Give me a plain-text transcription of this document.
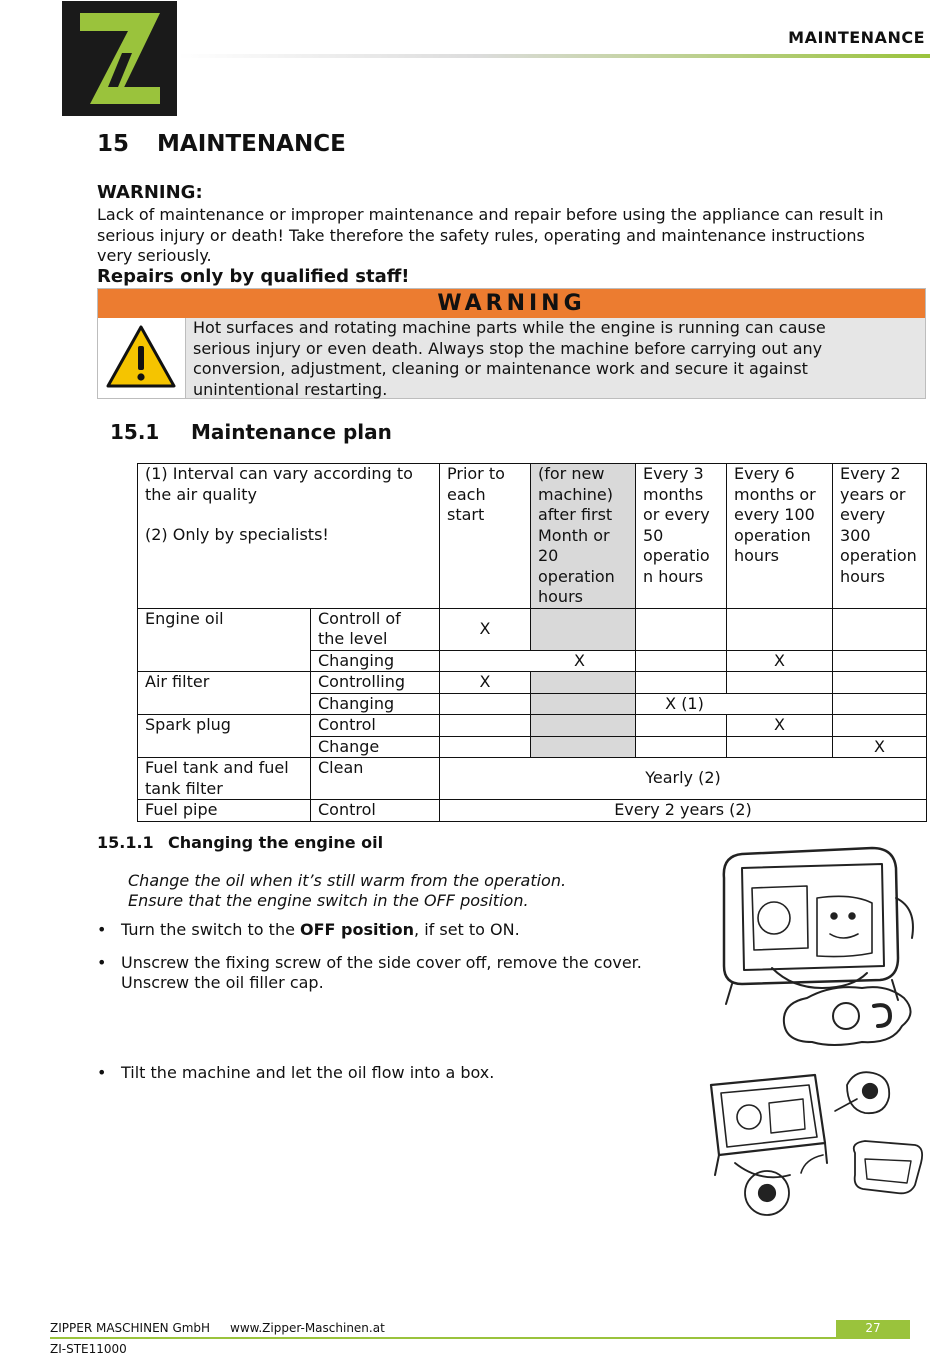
MAINTENANCE
15 MAINTENANCE
WARNING:
Lack of maintenance or improper maintenance and repair before using the appliance can result in
serious injury or death! Take therefore the safety rules, operating and maintenance instructions
very seriously.
Repairs only by qualified staff!
WARNING
Hot surfaces and rotating machine parts while the engine is running can cause
serious injury or even death. Always stop the machine before carrying out any
conversion, adjustment, cleaning or maintenance work and secure it against
unintentional restarting.
15.1 Maintenance plan
(1) Interval can vary according to the air quality
(2) Only by specialists!		Prior to each start	(for new machine) after first Month or 20 operation hours	Every 3 months or every 50 operatio n hours	Every 6 months or every 100 operation hours	Every 2 years or every 300 operation hours
Engine oil	Controll of the level	X				
	Changing	X			X	
Air filter	Controlling	X				
	Changing			X (1)		
Spark plug	Control				X	
	Change					X
Fuel tank and fuel tank filter	Clean	Yearly (2)				
Fuel pipe	Control	Every 2 years (2)				
15.1.1 Changing the engine oil
Change the oil when it’s still warm from the operation.
Ensure that the engine switch in the OFF position.
• Turn the switch to the OFF position, if set to ON.
• Unscrew the fixing screw of the side cover off, remove the cover.
Unscrew the oil filler cap.
• Tilt the machine and let the oil flow into a box.
ZIPPER MASCHINEN GmbH www.Zipper-Maschinen.at	27
ZI-STE11000
